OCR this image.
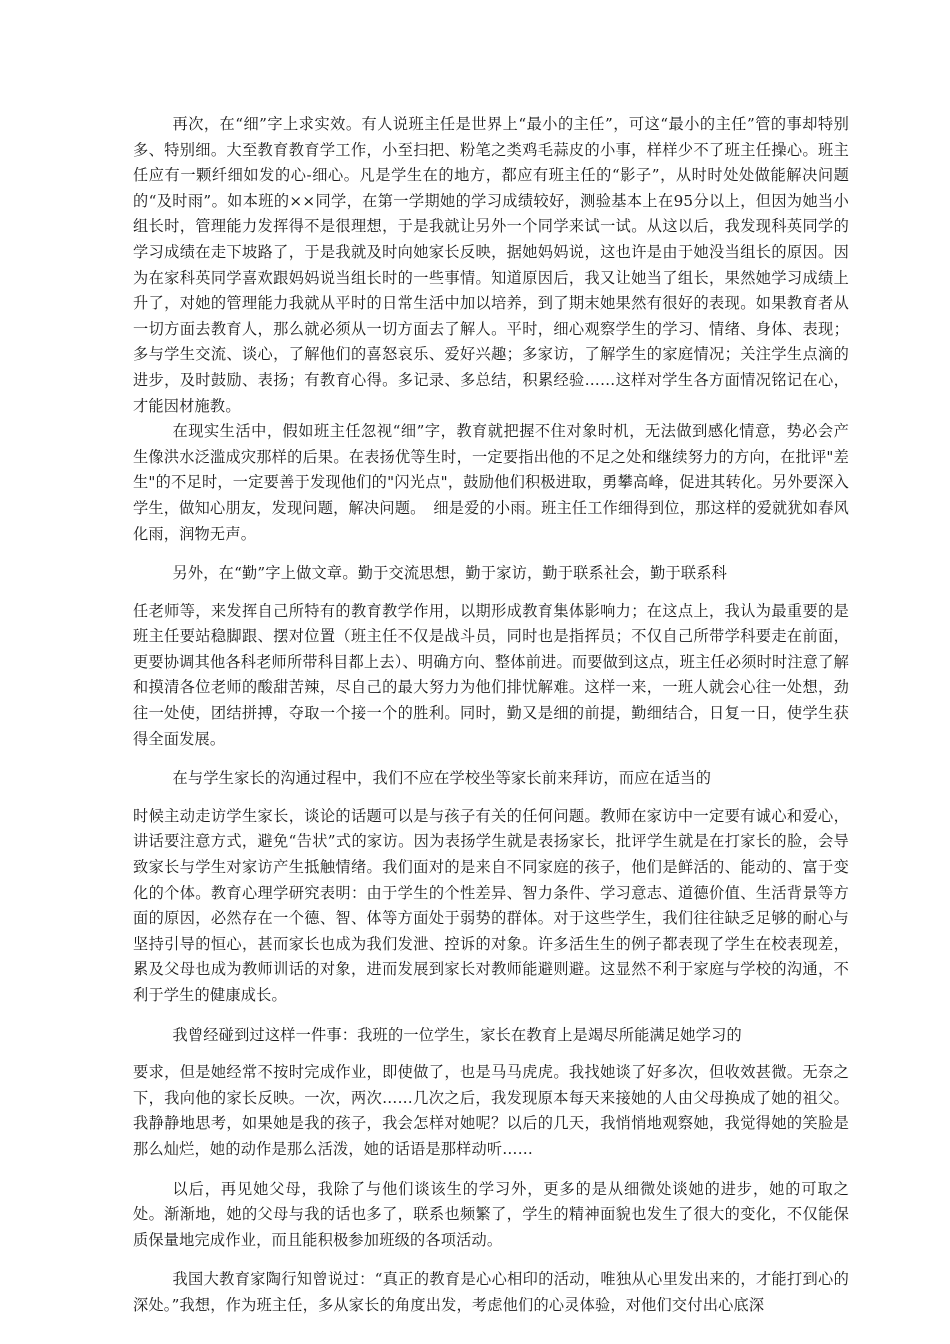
再次，在“细”字上求实效。有人说班主任是世界上“最小的主任”，可这“最小的主任”管的事却特别多、特别细。大至教育教育学工作，小至扫把、粉笔之类鸡毛蒜皮的小事，样样少不了班主任操心。班主任应有一颗纤细如发的心-细心。凡是学生在的地方，都应有班主任的“影子”，从时时处处做能解决问题的“及时雨”。如本班的××同学，在第一学期她的学习成绩较好，测验基本上在95分以上，但因为她当小组长时，管理能力发挥得不是很理想，于是我就让另外一个同学来试一试。从这以后，我发现科英同学的学习成绩在走下坡路了，于是我就及时向她家长反映，据她妈妈说，这也许是由于她没当组长的原因。因为在家科英同学喜欢跟妈妈说当组长时的一些事情。知道原因后，我又让她当了组长，果然她学习成绩上升了，对她的管理能力我就从平时的日常生活中加以培养，到了期末她果然有很好的表现。如果教育者从一切方面去教育人，那么就必须从一切方面去了解人。平时，细心观察学生的学习、情绪、身体、表现；多与学生交流、谈心，了解他们的喜怒哀乐、爱好兴趣；多家访，了解学生的家庭情况；关注学生点滴的进步，及时鼓励、表扬；有教育心得。多记录、多总结，积累经验……这样对学生各方面情况铭记在心，才能因材施教。

在现实生活中，假如班主任忽视“细”字，教育就把握不住对象时机，无法做到感化情意，势必会产生像洪水泛滥成灾那样的后果。在表扬优等生时，一定要指出他的不足之处和继续努力的方向，在批评"差生"的不足时，一定要善于发现他们的"闪光点"，鼓励他们积极进取，勇攀高峰，促进其转化。另外要深入学生，做知心朋友，发现问题，解决问题。　细是爱的小雨。班主任工作细得到位，那这样的爱就犹如春风化雨，润物无声。

另外，在“勤”字上做文章。勤于交流思想，勤于家访，勤于联系社会，勤于联系科

任老师等，来发挥自己所特有的教育教学作用，以期形成教育集体影响力；在这点上，我认为最重要的是班主任要站稳脚跟、摆对位置（班主任不仅是战斗员，同时也是指挥员；不仅自己所带学科要走在前面，更要协调其他各科老师所带科目都上去）、明确方向、整体前进。而要做到这点，班主任必须时时注意了解和摸清各位老师的酸甜苦辣，尽自己的最大努力为他们排忧解难。这样一来，一班人就会心往一处想，劲往一处使，团结拼搏，夺取一个接一个的胜利。同时，勤又是细的前提，勤细结合，日复一日，使学生获得全面发展。

在与学生家长的沟通过程中，我们不应在学校坐等家长前来拜访，而应在适当的

时候主动走访学生家长，谈论的话题可以是与孩子有关的任何问题。教师在家访中一定要有诚心和爱心，讲话要注意方式，避免“告状”式的家访。因为表扬学生就是表扬家长，批评学生就是在打家长的脸，会导致家长与学生对家访产生抵触情绪。我们面对的是来自不同家庭的孩子，他们是鲜活的、能动的、富于变化的个体。教育心理学研究表明：由于学生的个性差异、智力条件、学习意志、道德价值、生活背景等方面的原因，必然存在一个德、智、体等方面处于弱势的群体。对于这些学生，我们往往缺乏足够的耐心与坚持引导的恒心，甚而家长也成为我们发泄、控诉的对象。许多活生生的例子都表现了学生在校表现差，累及父母也成为教师训话的对象，进而发展到家长对教师能避则避。这显然不利于家庭与学校的沟通，不利于学生的健康成长。

我曾经碰到过这样一件事：我班的一位学生，家长在教育上是竭尽所能满足她学习的

要求，但是她经常不按时完成作业，即使做了，也是马马虎虎。我找她谈了好多次，但收效甚微。无奈之下，我向他的家长反映。一次，两次……几次之后，我发现原本每天来接她的人由父母换成了她的祖父。我静静地思考，如果她是我的孩子，我会怎样对她呢？以后的几天，我悄悄地观察她，我觉得她的笑脸是那么灿烂，她的动作是那么活泼，她的话语是那样动听……

以后，再见她父母，我除了与他们谈该生的学习外，更多的是从细微处谈她的进步，她的可取之处。渐渐地，她的父母与我的话也多了，联系也频繁了，学生的精神面貌也发生了很大的变化，不仅能保质保量地完成作业，而且能积极参加班级的各项活动。

我国大教育家陶行知曾说过：“真正的教育是心心相印的活动，唯独从心里发出来的，才能打到心的深处。”我想，作为班主任，多从家长的角度出发，考虑他们的心灵体验，对他们交付出心底深
